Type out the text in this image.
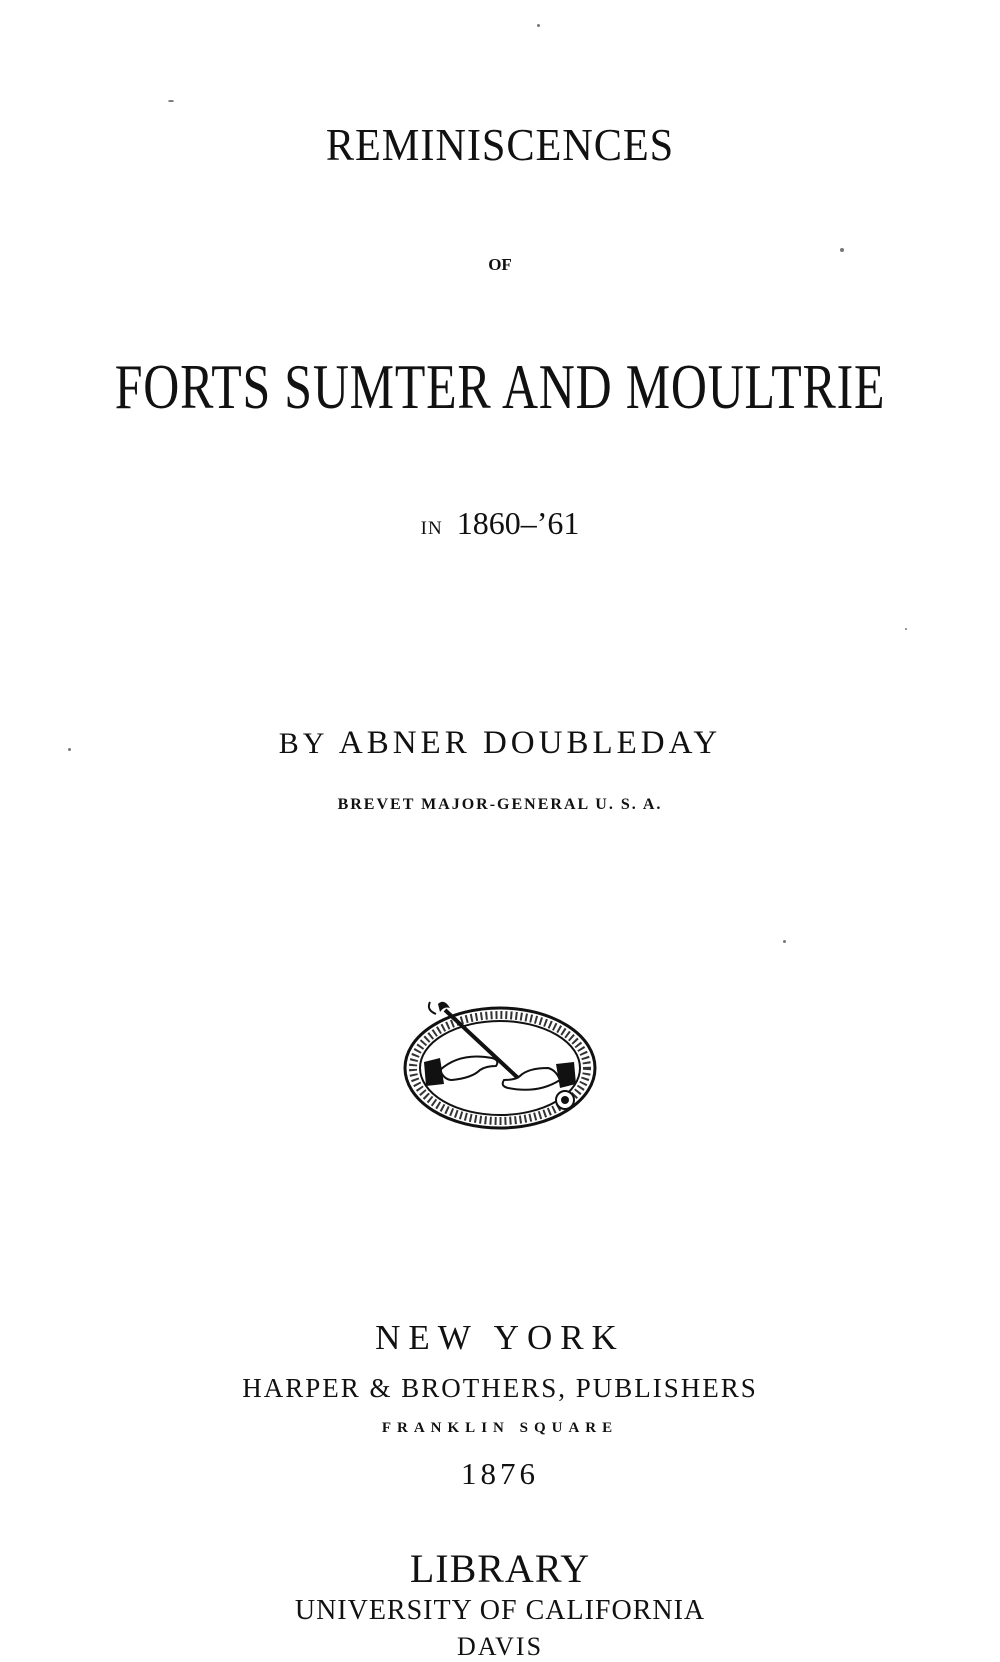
REMINISCENCES
OF
FORTS SUMTER AND MOULTRIE
IN 1860–’61
BY ABNER DOUBLEDAY
BREVET MAJOR-GENERAL U. S. A.
NEW YORK
HARPER & BROTHERS, PUBLISHERS
FRANKLIN SQUARE
1876
LIBRARY
UNIVERSITY OF CALIFORNIA
DAVIS
